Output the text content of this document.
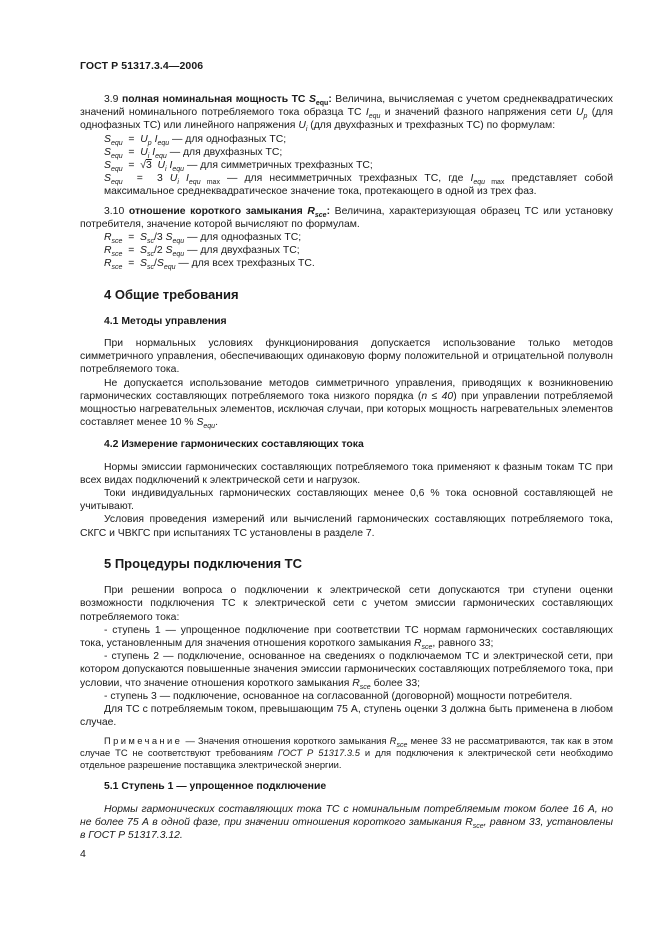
ГОСТ Р 51317.3.4—2006

3.9 полная номинальная мощность ТС $S_{equ}$: Величина, вычисляемая с учетом среднеквадратических значений номинального потребляемого тока образца ТС $I_{equ}$ и значений фазного напряжения сети $U_p$ (для однофазных ТС) или линейного напряжения $U_i$ (для двухфазных и трехфазных ТС) по формулам:

$S_{equ} = U_p$ $I_{equ}$ — для однофазных ТС;

$S_{equ} = U_i$ $I_{equ}$ — для двухфазных ТС;

$S_{equ} = √3$ $U_i$ $I_{equ}$ — для симметричных трехфазных ТС;

$S_{equ} = 3$ $U_i$ $I_{equ max}$ — для несимметричных трехфазных ТС, где $I_{equ max}$ представляет собой максимальное среднеквадратическое значение тока, протекающего в одной из трех фаз.

3.10 отношение короткого замыкания $R_{sce}$: Величина, характеризующая образец ТС или установку потребителя, значение которой вычисляют по формулам.

$R_{sce} = S_{sc}/3$ $S_{equ}$ — для однофазных ТС;

$R_{sce} = S_{sc}/2$ $S_{equ}$ — для двухфазных ТС;

$R_{sce} = S_{sc}/S_{equ}$ — для всех трехфазных ТС.

4 Общие требования
4.1 Методы управления

При нормальных условиях функционирования допускается использование только методов симметричного управления, обеспечивающих одинаковую форму положительной и отрицательной полуволн потребляемого тока.

Не допускается использование методов симметричного управления, приводящих к возникновению гармонических составляющих потребляемого тока низкого порядка (n ≤ 40) при управлении потребляемой мощностью нагревательных элементов, исключая случаи, при которых мощность нагревательных элементов составляет менее 10 % $S_{equ}$.

4.2 Измерение гармонических составляющих тока

Нормы эмиссии гармонических составляющих потребляемого тока применяют к фазным токам ТС при всех видах подключений к электрической сети и нагрузок.

Токи индивидуальных гармонических составляющих менее 0,6 % тока основной составляющей не учитывают.

Условия проведения измерений или вычислений гармонических составляющих потребляемого тока, СКГС и ЧВКГС при испытаниях ТС установлены в разделе 7.

5 Процедуры подключения ТС

При решении вопроса о подключении к электрической сети допускаются три ступени оценки возможности подключения ТС к электрической сети с учетом эмиссии гармонических составляющих потребляемого тока:

- ступень 1 — упрощенное подключение при соответствии ТС нормам гармонических составляющих тока, установленным для значения отношения короткого замыкания $R_{sce}$, равного 33;

- ступень 2 — подключение, основанное на сведениях о подключаемом ТС и электрической сети, при котором допускаются повышенные значения эмиссии гармонических составляющих потребляемого тока, при условии, что значение отношения короткого замыкания $R_{sce}$ более 33;

- ступень 3 — подключение, основанное на согласованной (договорной) мощности потребителя.

Для ТС с потребляемым током, превышающим 75 А, ступень оценки 3 должна быть применена в любом случае.

Примечание — Значения отношения короткого замыкания $R_{sce}$ менее 33 не рассматриваются, так как в этом случае ТС не соответствуют требованиям ГОСТ Р 51317.3.5 и для подключения к электрической сети необходимо отдельное разрешение поставщика электрической энергии.

5.1 Ступень 1 — упрощенное подключение

Нормы гармонических составляющих тока ТС с номинальным потребляемым током более 16 А, но не более 75 А в одной фазе, при значении отношения короткого замыкания $R_{sce}$, равном 33, установлены в ГОСТ Р 51317.3.12.

4
